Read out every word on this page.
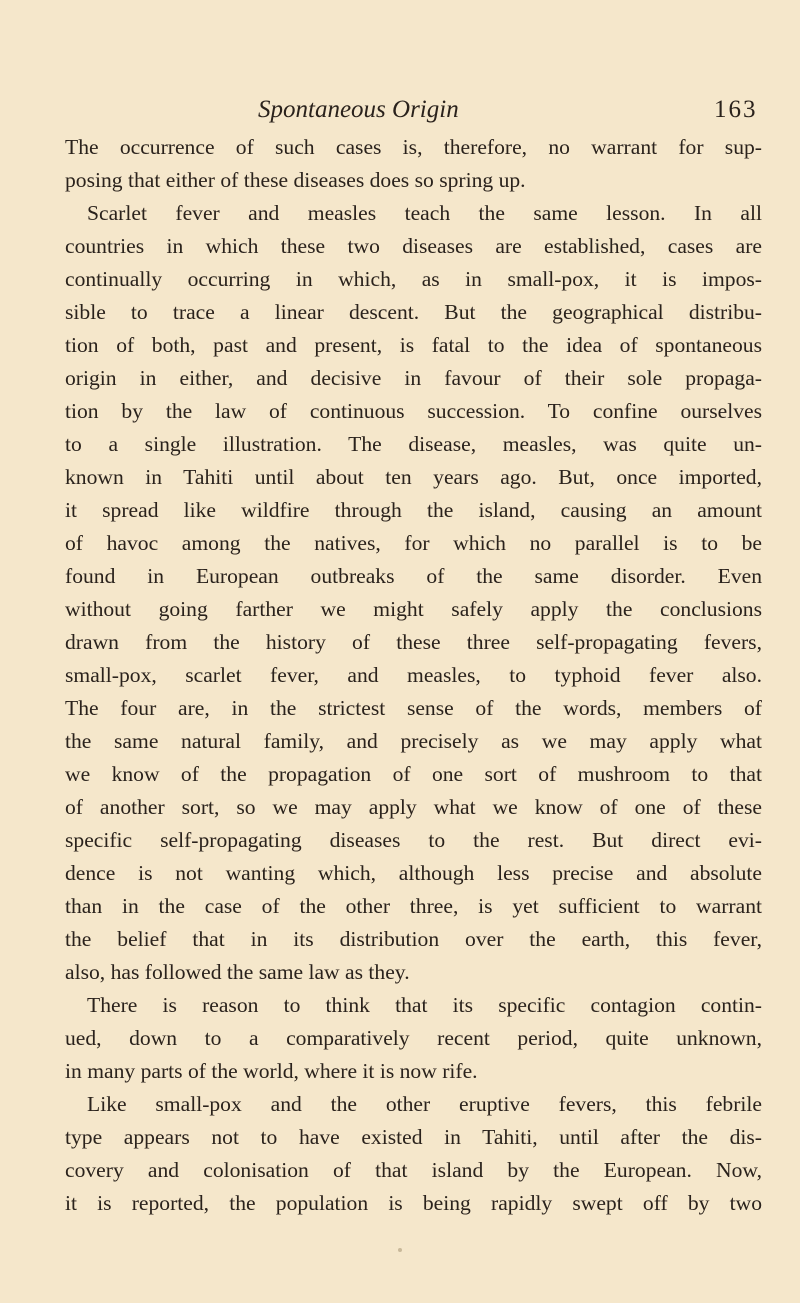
Spontaneous Origin	163
The occurrence of such cases is, therefore, no warrant for sup-
posing that either of these diseases does so spring up.
Scarlet fever and measles teach the same lesson. In all
countries in which these two diseases are established, cases are
continually occurring in which, as in small-pox, it is impos-
sible to trace a linear descent. But the geographical distribu-
tion of both, past and present, is fatal to the idea of spontaneous
origin in either, and decisive in favour of their sole propaga-
tion by the law of continuous succession. To confine ourselves
to a single illustration. The disease, measles, was quite un-
known in Tahiti until about ten years ago. But, once imported,
it spread like wildfire through the island, causing an amount
of havoc among the natives, for which no parallel is to be
found in European outbreaks of the same disorder. Even
without going farther we might safely apply the conclusions
drawn from the history of these three self-propagating fevers,
small-pox, scarlet fever, and measles, to typhoid fever also.
The four are, in the strictest sense of the words, members of
the same natural family, and precisely as we may apply what
we know of the propagation of one sort of mushroom to that
of another sort, so we may apply what we know of one of these
specific self-propagating diseases to the rest. But direct evi-
dence is not wanting which, although less precise and absolute
than in the case of the other three, is yet sufficient to warrant
the belief that in its distribution over the earth, this fever,
also, has followed the same law as they.
There is reason to think that its specific contagion contin-
ued, down to a comparatively recent period, quite unknown,
in many parts of the world, where it is now rife.
Like small-pox and the other eruptive fevers, this febrile
type appears not to have existed in Tahiti, until after the dis-
covery and colonisation of that island by the European. Now,
it is reported, the population is being rapidly swept off by two
